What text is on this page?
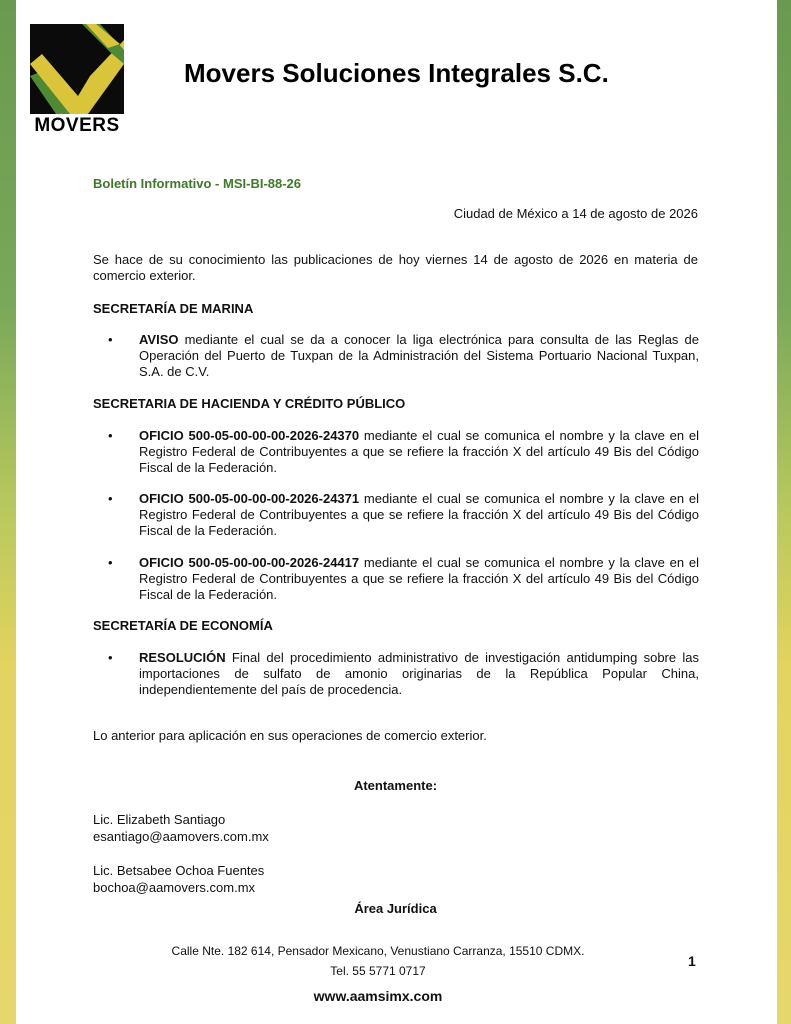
MOVERS
Movers Soluciones Integrales S.C.
Boletín Informativo - MSI-BI-88-26
Ciudad de México a 14 de agosto de 2026
Se hace de su conocimiento las publicaciones de hoy viernes 14 de agosto de 2026 en materia de comercio exterior.
SECRETARÍA DE MARINA
• AVISO mediante el cual se da a conocer la liga electrónica para consulta de las Reglas de Operación del Puerto de Tuxpan de la Administración del Sistema Portuario Nacional Tuxpan, S.A. de C.V.
SECRETARIA DE HACIENDA Y CRÉDITO PÚBLICO
• OFICIO 500-05-00-00-00-2026-24370 mediante el cual se comunica el nombre y la clave en el Registro Federal de Contribuyentes a que se refiere la fracción X del artículo 49 Bis del Código Fiscal de la Federación.
• OFICIO 500-05-00-00-00-2026-24371 mediante el cual se comunica el nombre y la clave en el Registro Federal de Contribuyentes a que se refiere la fracción X del artículo 49 Bis del Código Fiscal de la Federación.
• OFICIO 500-05-00-00-00-2026-24417 mediante el cual se comunica el nombre y la clave en el Registro Federal de Contribuyentes a que se refiere la fracción X del artículo 49 Bis del Código Fiscal de la Federación.
SECRETARÍA DE ECONOMÍA
• RESOLUCIÓN Final del procedimiento administrativo de investigación antidumping sobre las importaciones de sulfato de amonio originarias de la República Popular China, independientemente del país de procedencia.
Lo anterior para aplicación en sus operaciones de comercio exterior.
Atentamente:
Lic. Elizabeth Santiago
esantiago@aamovers.com.mx
Lic. Betsabee Ochoa Fuentes
bochoa@aamovers.com.mx
Área Jurídica
Calle Nte. 182 614, Pensador Mexicano, Venustiano Carranza, 15510 CDMX.
Tel. 55 5771 0717
www.aamsimx.com
1
